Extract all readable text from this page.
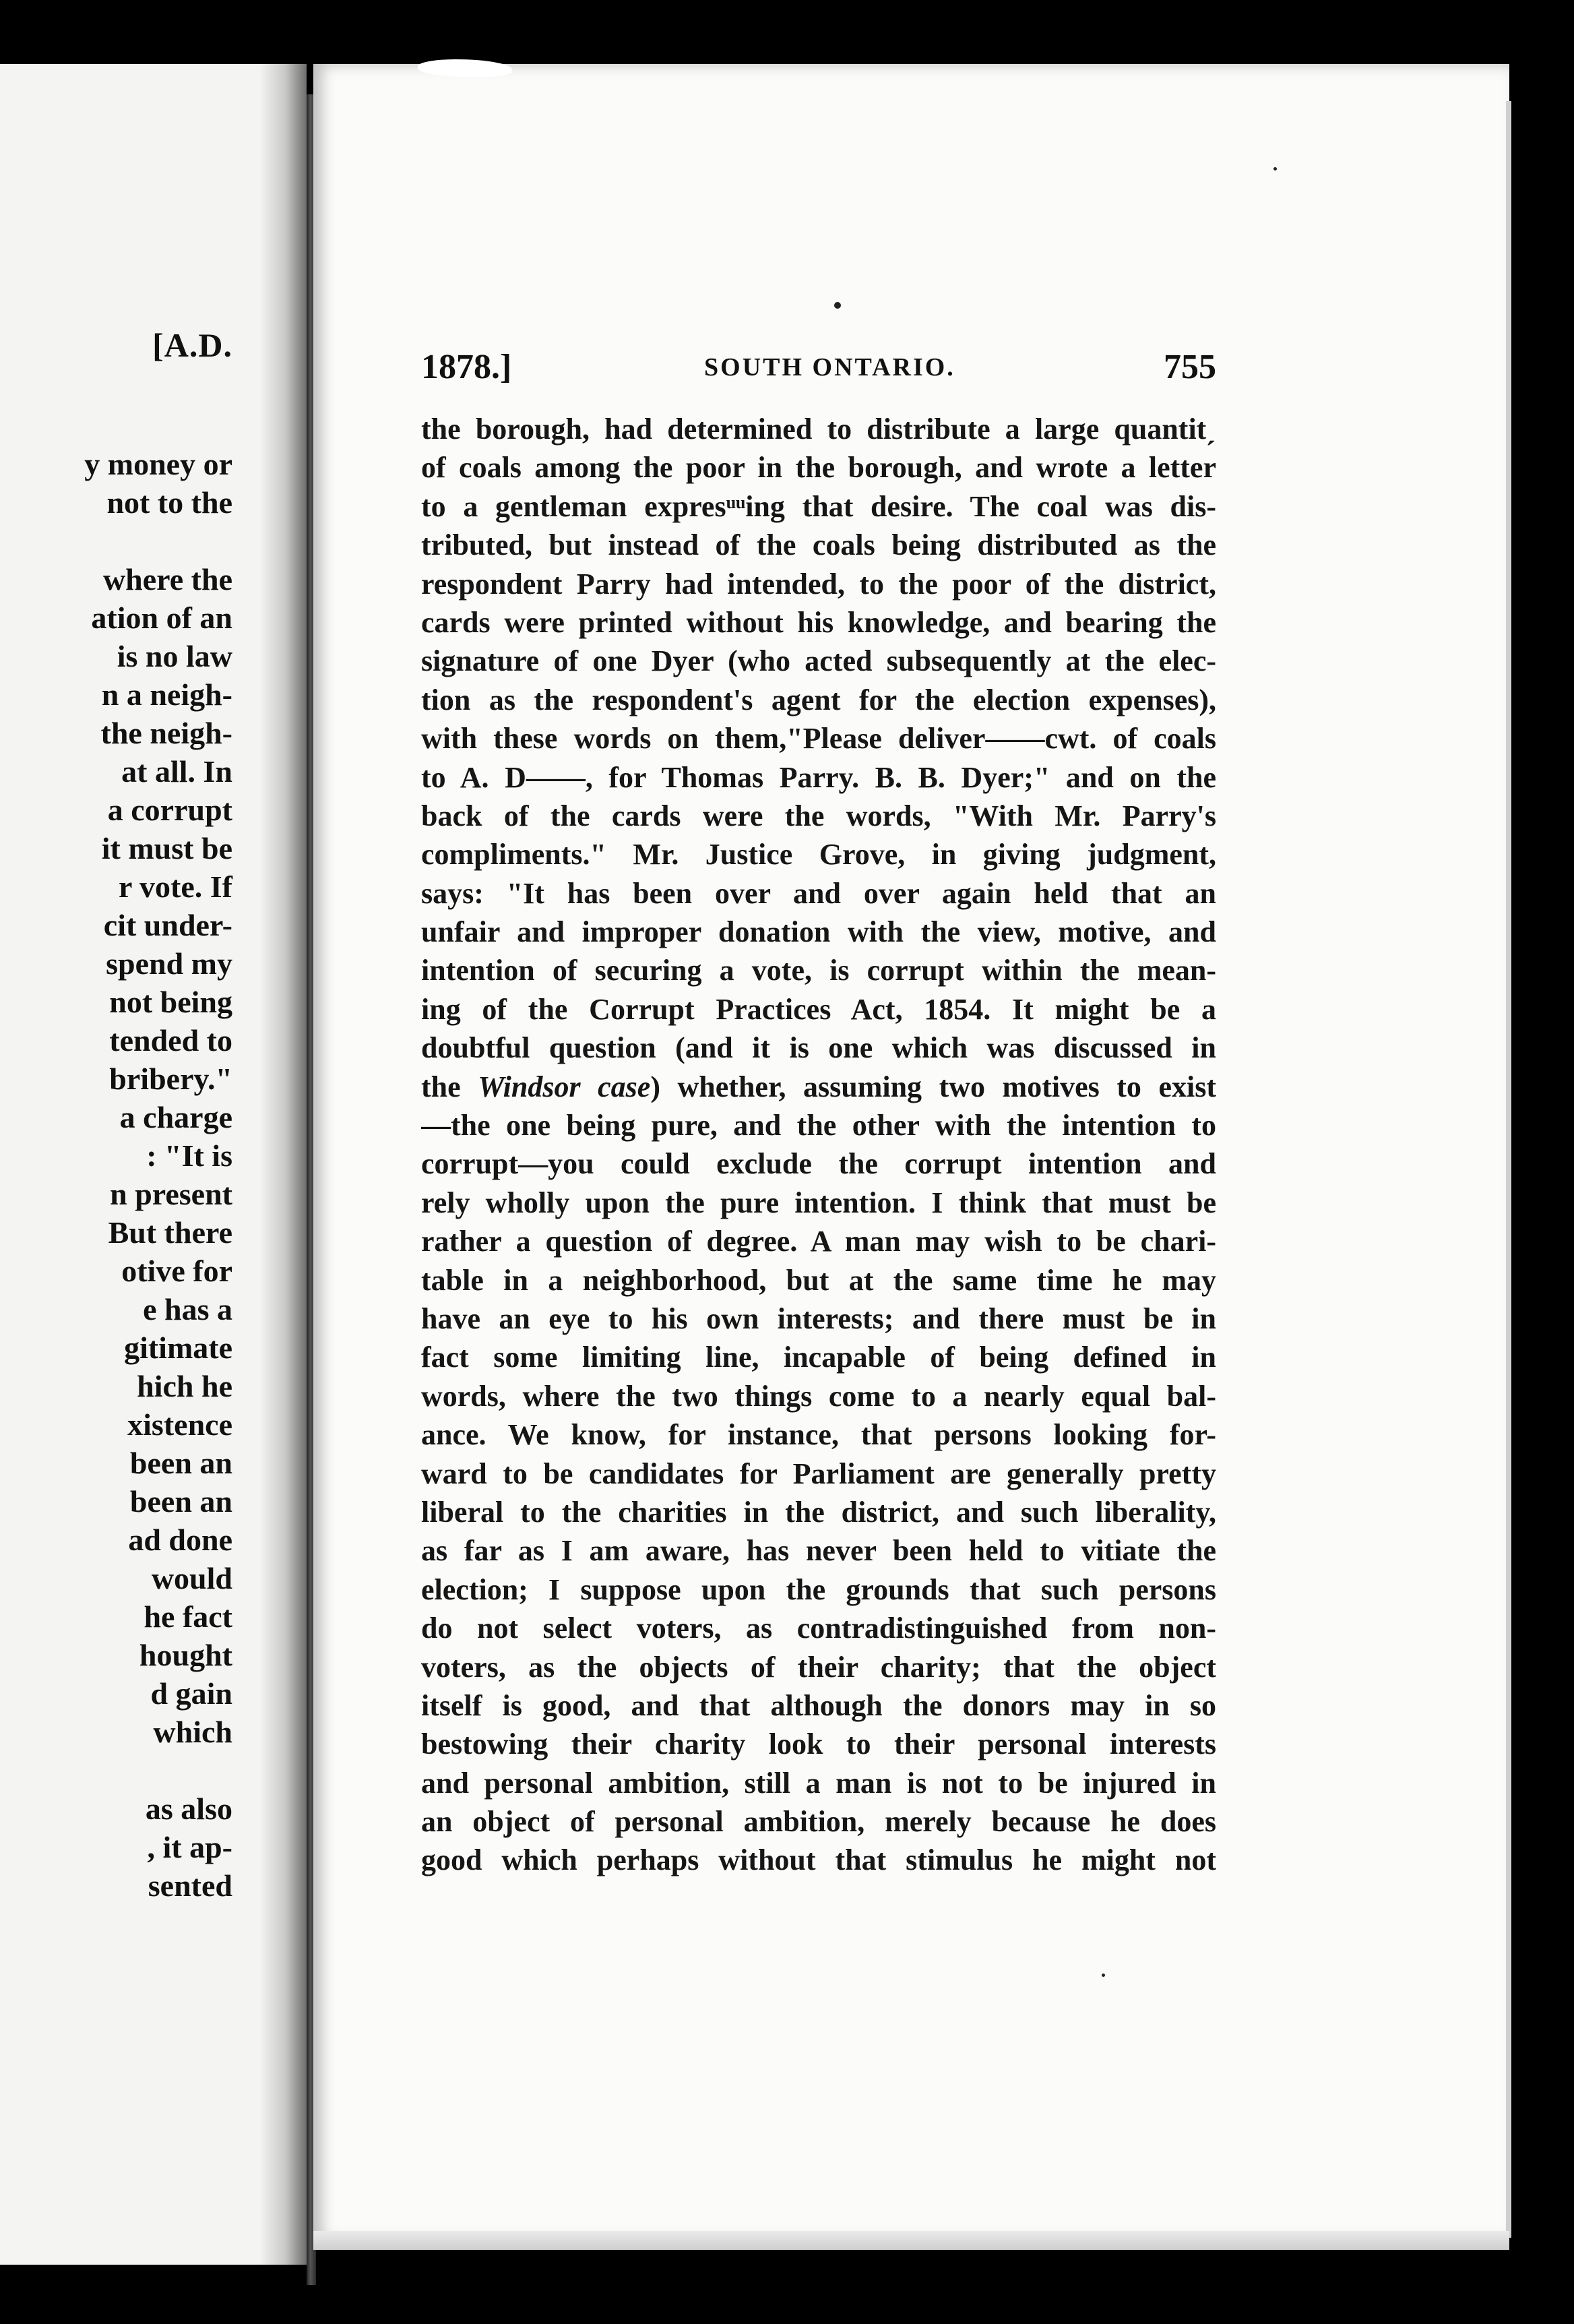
[A.D.
y money or
not to the

where the
ation of an
is no law
n a neigh-
the neigh-
at all. In
a corrupt
it must be
r vote. If
cit under-
spend my
not being
tended to
bribery."
a charge
: "It is
n present
But there
otive for
e has a
gitimate
hich he
xistence
been an
been an
ad done
would
he fact
hought
d gain
which

as also
, it ap-
sented
1878.]	SOUTH ONTARIO.	755
the borough, had determined to distribute a large quantitˏ
of coals among the poor in the borough, and wrote a letter
to a gentleman expresᵘᵘing that desire. The coal was dis-
tributed, but instead of the coals being distributed as the
respondent Parry had intended, to the poor of the district,
cards were printed without his knowledge, and bearing the
signature of one Dyer (who acted subsequently at the elec-
tion as the respondent's agent for the election expenses),
with these words on them,"Please deliver——cwt. of coals
to A. D——, for Thomas Parry. B. B. Dyer;" and on the
back of the cards were the words, "With Mr. Parry's
compliments." Mr. Justice Grove, in giving judgment,
says: "It has been over and over again held that an
unfair and improper donation with the view, motive, and
intention of securing a vote, is corrupt within the mean-
ing of the Corrupt Practices Act, 1854. It might be a
doubtful question (and it is one which was discussed in
the Windsor case) whether, assuming two motives to exist
—the one being pure, and the other with the intention to
corrupt—you could exclude the corrupt intention and
rely wholly upon the pure intention. I think that must be
rather a question of degree. A man may wish to be chari-
table in a neighborhood, but at the same time he may
have an eye to his own interests; and there must be in
fact some limiting line, incapable of being defined in
words, where the two things come to a nearly equal bal-
ance. We know, for instance, that persons looking for-
ward to be candidates for Parliament are generally pretty
liberal to the charities in the district, and such liberality,
as far as I am aware, has never been held to vitiate the
election; I suppose upon the grounds that such persons
do not select voters, as contradistinguished from non-
voters, as the objects of their charity; that the object
itself is good, and that although the donors may in so
bestowing their charity look to their personal interests
and personal ambition, still a man is not to be injured in
an object of personal ambition, merely because he does
good which perhaps without that stimulus he might not
